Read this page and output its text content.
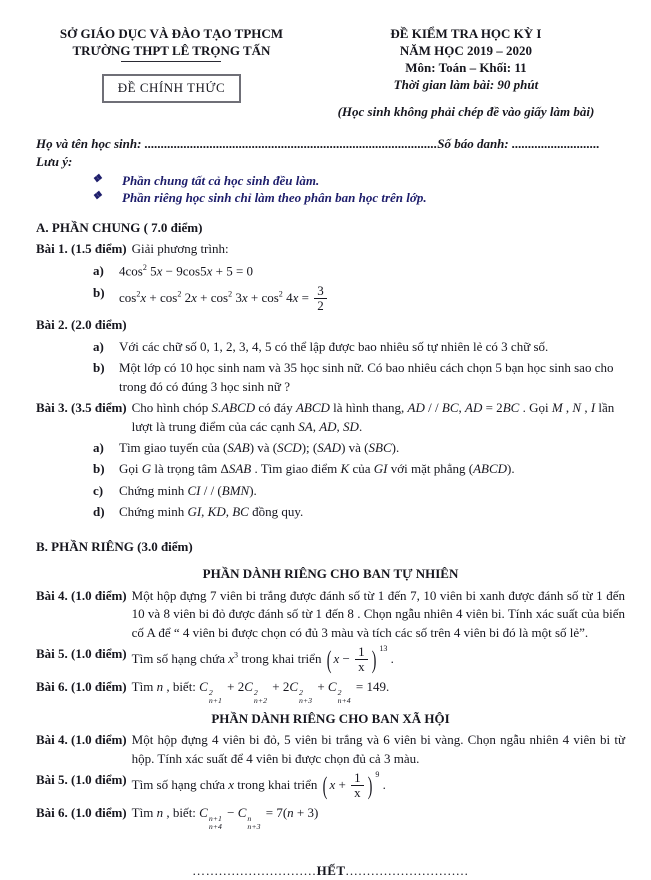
SỞ GIÁO DỤC VÀ ĐÀO TẠO TPHCM
TRƯỜNG THPT LÊ TRỌNG TẤN
ĐỀ CHÍNH THỨC
ĐỀ KIỂM TRA HỌC KỲ I
NĂM HỌC 2019 – 2020
Môn: Toán – Khối: 11
Thời gian làm bài: 90 phút
(Học sinh không phải chép đề vào giấy làm bài)
Họ và tên học sinh: ..........................................................................................Số báo danh: ...........................
Lưu ý:
❖	Phần chung tất cả học sinh đều làm.
❖	Phần riêng học sinh chỉ làm theo phân ban học trên lớp.
A. PHẦN CHUNG ( 7.0 điểm)
Bài 1. (1.5 điểm) Giải phương trình:
a)	$4\cos^2$ 5x − 9cos5x + 5 = 0
b)	$\cos^2x + \cos^2 2x + \cos^2 3x + \cos^2 4x = \frac{3}{2}$
Bài 2. (2.0 điểm)
a)	Với các chữ số 0, 1, 2, 3, 4, 5 có thể lập được bao nhiêu số tự nhiên lẻ có 3 chữ số.
b)	Một lớp có 10 học sinh nam và 35 học sinh nữ. Có bao nhiêu cách chọn 5 bạn học sinh sao cho trong đó có đúng 3 học sinh nữ ?
Bài 3. (3.5 điểm) Cho hình chóp S.ABCD có đáy ABCD là hình thang, AD / / BC, AD = 2BC . Gọi M , N , I lần lượt là trung điểm của các cạnh SA, AD, SD.
a)	Tìm giao tuyến của (SAB) và (SCD); (SAD) và (SBC).
b)	Gọi G là trọng tâm ΔSAB . Tìm giao điểm K của GI với mặt phẳng (ABCD).
c)	Chứng minh CI / / (BMN).
d)	Chứng minh GI, KD, BC đồng quy.
B. PHẦN RIÊNG (3.0 điểm)
PHẦN DÀNH RIÊNG CHO BAN TỰ NHIÊN
Bài 4. (1.0 điểm) Một hộp đựng 7 viên bi trắng được đánh số từ 1 đến 7, 10 viên bi xanh được đánh số từ 1 đến 10 và 8 viên bi đỏ được đánh số từ 1 đến 8 . Chọn ngẫu nhiên 4 viên bi. Tính xác suất của biến cố A để “ 4 viên bi được chọn có đủ 3 màu và tích các số trên 4 viên bi đó là một số lẻ”.
Bài 5. (1.0 điểm) Tìm số hạng chứa $x^3$ trong khai triển ( $x - \frac{1}{x}$ ) $^{13}$ .
Bài 6. (1.0 điểm) Tìm n , biết: C 2
n+1
+ 2C 2
n+2
+ 2C 2
n+3
+ C 2
n+4
= 149.
PHẦN DÀNH RIÊNG CHO BAN XÃ HỘI
Bài 4. (1.0 điểm) Một hộp đựng 4 viên bi đỏ, 5 viên bi trắng và 6 viên bi vàng. Chọn ngẫu nhiên 4 viên bi từ hộp. Tính xác suất để 4 viên bi được chọn đủ cả 3 màu.
Bài 5. (1.0 điểm) Tìm số hạng chứa x trong khai triển ( $x + \frac{1}{x}$ ) $^9$ .
Bài 6. (1.0 điểm) Tìm n , biết: C n+1
n+4
− C n
n+3
= 7(n + 3)
…..........................HẾT.............................
